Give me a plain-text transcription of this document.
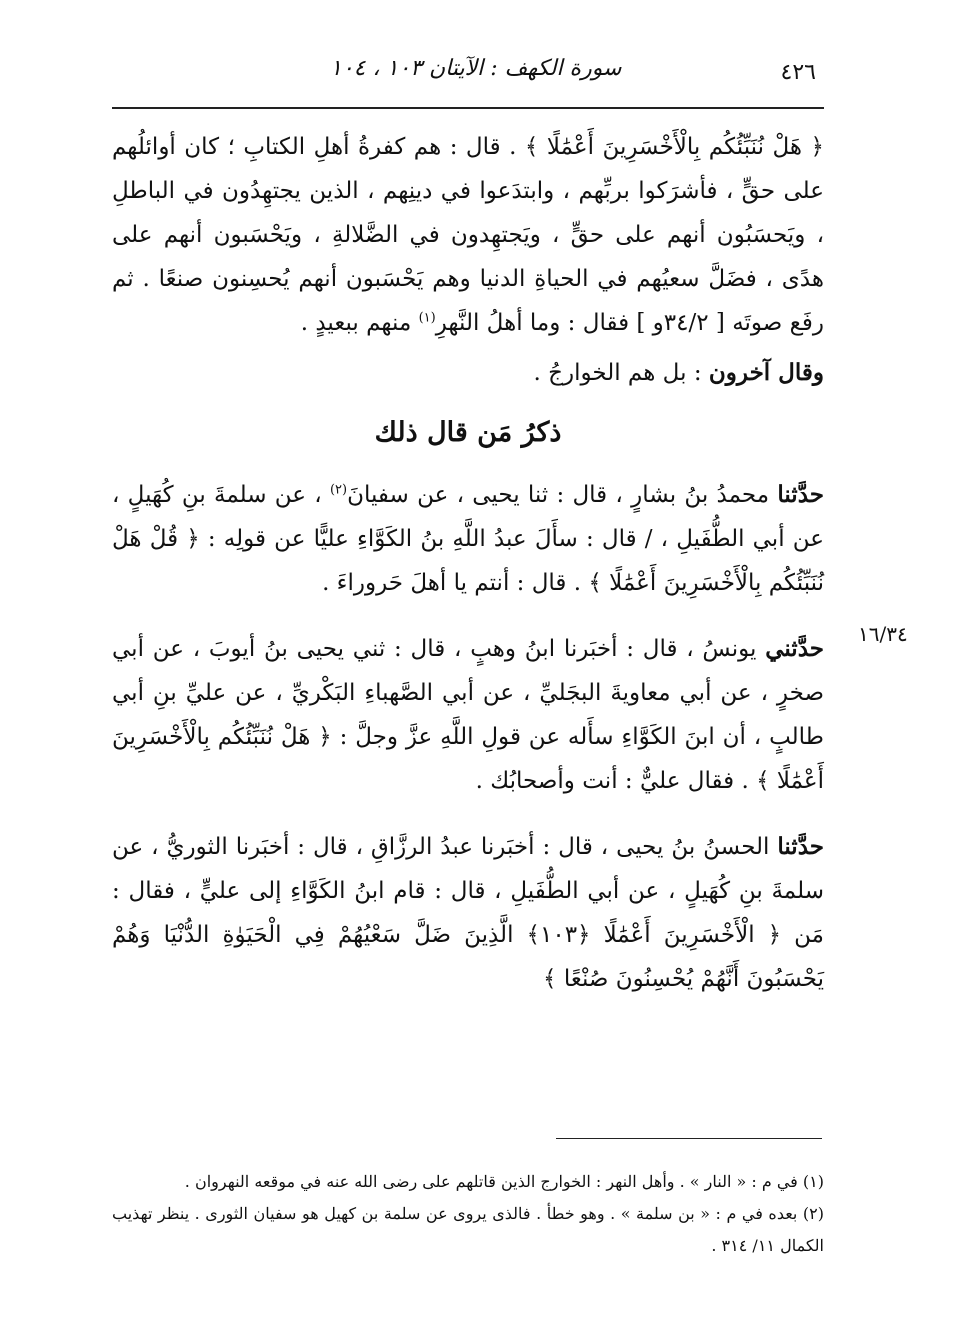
٤٢٦
سورة الكهف : الآيتان ١٠٣ ، ١٠٤
١٦/٣٤

﴿ هَلْ نُنَبِّئُكُم بِالْأَخْسَرِينَ أَعْمَٰلًا ﴾ . قال : هم كفرةُ أهلِ الكتابِ ؛ كان أوائلُهم على حقٍّ ، فأشرَكوا بربِّهم ، وابتدَعوا في دينِهم ، الذين يجتهِدُون في الباطلِ ، ويَحسَبُون أنهم على حقٍّ ، ويَجتهِدون في الضَّلالةِ ، ويَحْسَبون أنهم على هدًى ، فضَلَّ سعيُهم في الحياةِ الدنيا وهم يَحْسَبون أنهم يُحسِنون صنعًا . ثم رفَع صوتَه [ ٣٤/٢و ] فقال : وما أهلُ النَّهرِ$^{(١)}$ منهم ببعيدٍ .

وقال آخرون : بل هم الخوارجُ .

ذكرُ مَن قال ذلك

حدَّثنا محمدُ بنُ بشارٍ ، قال : ثنا يحيى ، عن سفيانَ$^{(٢)}$ ، عن سلمةَ بنِ كُهَيلٍ ، عن أبي الطُّفَيلِ ، / قال : سأَلَ عبدُ اللَّهِ بنُ الكَوَّاءِ عليًّا عن قولِه : ﴿ قُلْ هَلْ نُنَبِّئُكُم بِالْأَخْسَرِينَ أَعْمَٰلًا ﴾ . قال : أنتم يا أهلَ حَروراءَ .

حدَّثني يونسُ ، قال : أخبَرنا ابنُ وهبٍ ، قال : ثني يحيى بنُ أيوبَ ، عن أبي صخرٍ ، عن أبي معاويةَ البجَليِّ ، عن أبي الصَّهباءِ البَكْريِّ ، عن عليِّ بنِ أبي طالبٍ ، أن ابنَ الكَوَّاءِ سأَله عن قولِ اللَّهِ عزَّ وجلَّ : ﴿ هَلْ نُنَبِّئُكُم بِالْأَخْسَرِينَ أَعْمَٰلًا ﴾ . فقال عليٌّ : أنت وأصحابُك .

حدَّثنا الحسنُ بنُ يحيى ، قال : أخبَرنا عبدُ الرزَّاقِ ، قال : أخبَرنا الثوريُّ ، عن سلمةَ بنِ كُهَيلٍ ، عن أبي الطُّفَيلِ ، قال : قام ابنُ الكَوَّاءِ إلى عليٍّ ، فقال : مَن ﴿ الْأَخْسَرِينَ أَعْمَٰلًا ﴿١٠٣﴾ الَّذِينَ ضَلَّ سَعْيُهُمْ فِي الْحَيَوٰةِ الدُّنْيَا وَهُمْ يَحْسَبُونَ أَنَّهُمْ يُحْسِنُونَ صُنْعًا ﴾

(١) في م : « النار » . وأهل النهر : الخوارج الذين قاتلهم على رضى الله عنه في موقعه النهروان .

(٢) بعده في م : « بن سلمة » . وهو خطأ . فالذى يروى عن سلمة بن كهيل هو سفيان الثورى . ينظر تهذيب الكمال ١١/ ٣١٤ .
